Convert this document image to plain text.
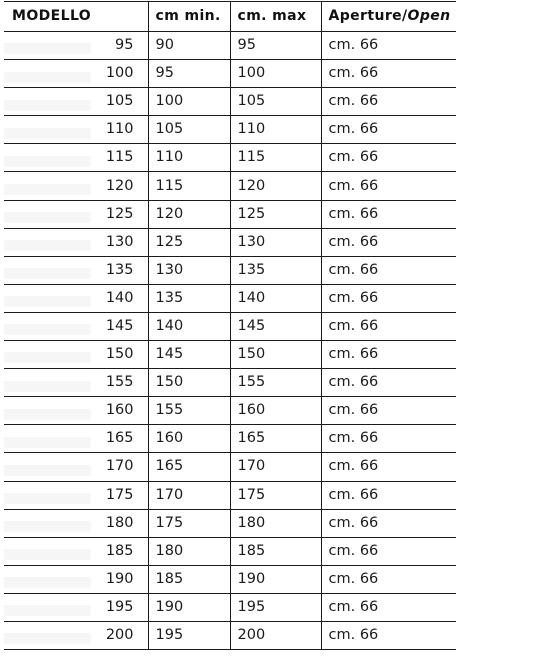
MODELLO	cm min.	cm. max	Aperture/Open
95	90	95	cm. 66
100	95	100	cm. 66
105	100	105	cm. 66
110	105	110	cm. 66
115	110	115	cm. 66
120	115	120	cm. 66
125	120	125	cm. 66
130	125	130	cm. 66
135	130	135	cm. 66
140	135	140	cm. 66
145	140	145	cm. 66
150	145	150	cm. 66
155	150	155	cm. 66
160	155	160	cm. 66
165	160	165	cm. 66
170	165	170	cm. 66
175	170	175	cm. 66
180	175	180	cm. 66
185	180	185	cm. 66
190	185	190	cm. 66
195	190	195	cm. 66
200	195	200	cm. 66
